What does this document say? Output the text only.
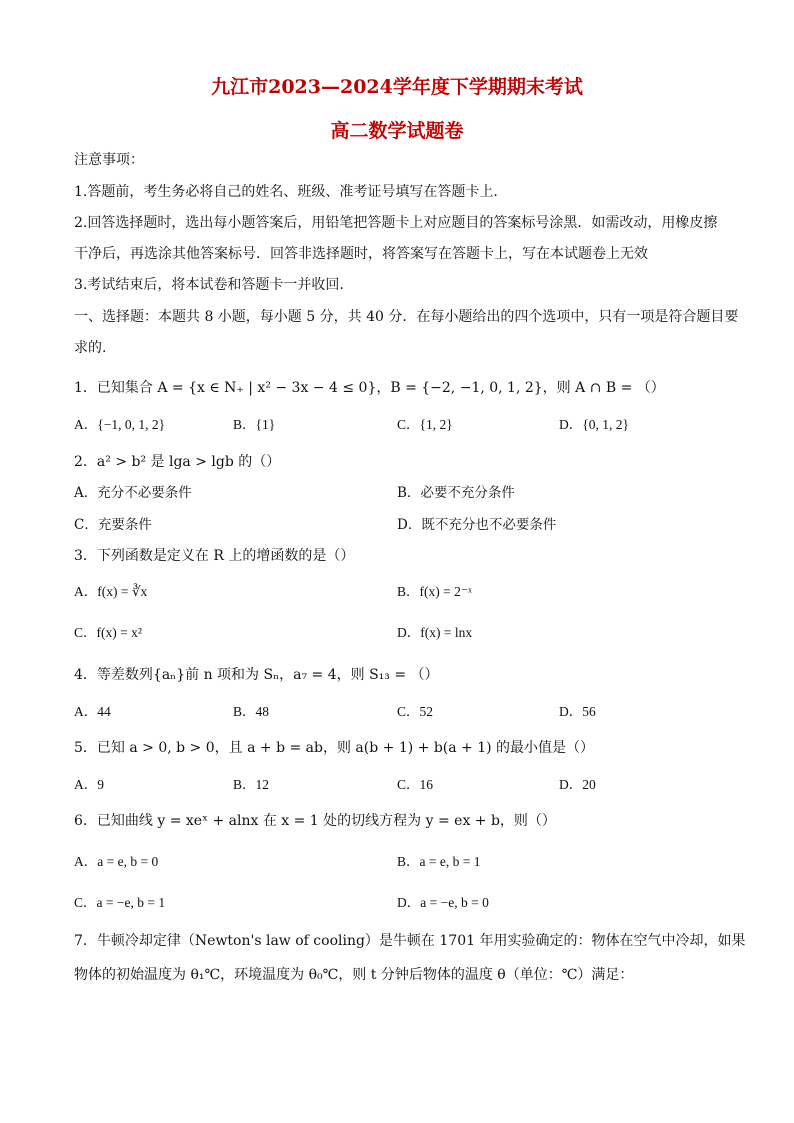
九江市2023—2024学年度下学期期末考试
高二数学试题卷
注意事项：
1.答题前，考生务必将自己的姓名、班级、准考证号填写在答题卡上.
2.回答选择题时，选出每小题答案后，用铅笔把答题卡上对应题目的答案标号涂黑．如需改动，用橡皮擦
干净后，再选涂其他答案标号．回答非选择题时，将答案写在答题卡上，写在本试题卷上无效
3.考试结束后，将本试卷和答题卡一并收回.
一、选择题：本题共 8 小题，每小题 5 分，共 40 分．在每小题给出的四个选项中，只有一项是符合题目要
求的.
1．已知集合 A = {x ∈ N₊ | x² − 3x − 4 ≤ 0}，B = {−2, −1, 0, 1, 2}，则 A ∩ B = （）
A．{−1, 0, 1, 2}	B．{1}	C．{1, 2}	D．{0, 1, 2}
2．a² > b² 是 lga > lgb 的（）
A．充分不必要条件	B．必要不充分条件
C．充要条件	D．既不充分也不必要条件
3．下列函数是定义在 R 上的增函数的是（）
A．f(x) = ∛x	B．f(x) = 2⁻ˣ
C．f(x) = x²	D．f(x) = lnx
4．等差数列{aₙ}前 n 项和为 Sₙ，a₇ = 4，则 S₁₃ = （）
A．44	B．48	C．52	D．56
5．已知 a > 0, b > 0，且 a + b = ab，则 a(b + 1) + b(a + 1) 的最小值是（）
A．9	B．12	C．16	D．20
6．已知曲线 y = xeˣ + alnx 在 x = 1 处的切线方程为 y = ex + b，则（）
A．a = e, b = 0	B．a = e, b = 1
C．a = −e, b = 1	D．a = −e, b = 0
7．牛顿冷却定律（Newton's law of cooling）是牛顿在 1701 年用实验确定的：物体在空气中冷却，如果
物体的初始温度为 θ₁℃，环境温度为 θ₀℃，则 t 分钟后物体的温度 θ（单位：℃）满足：
